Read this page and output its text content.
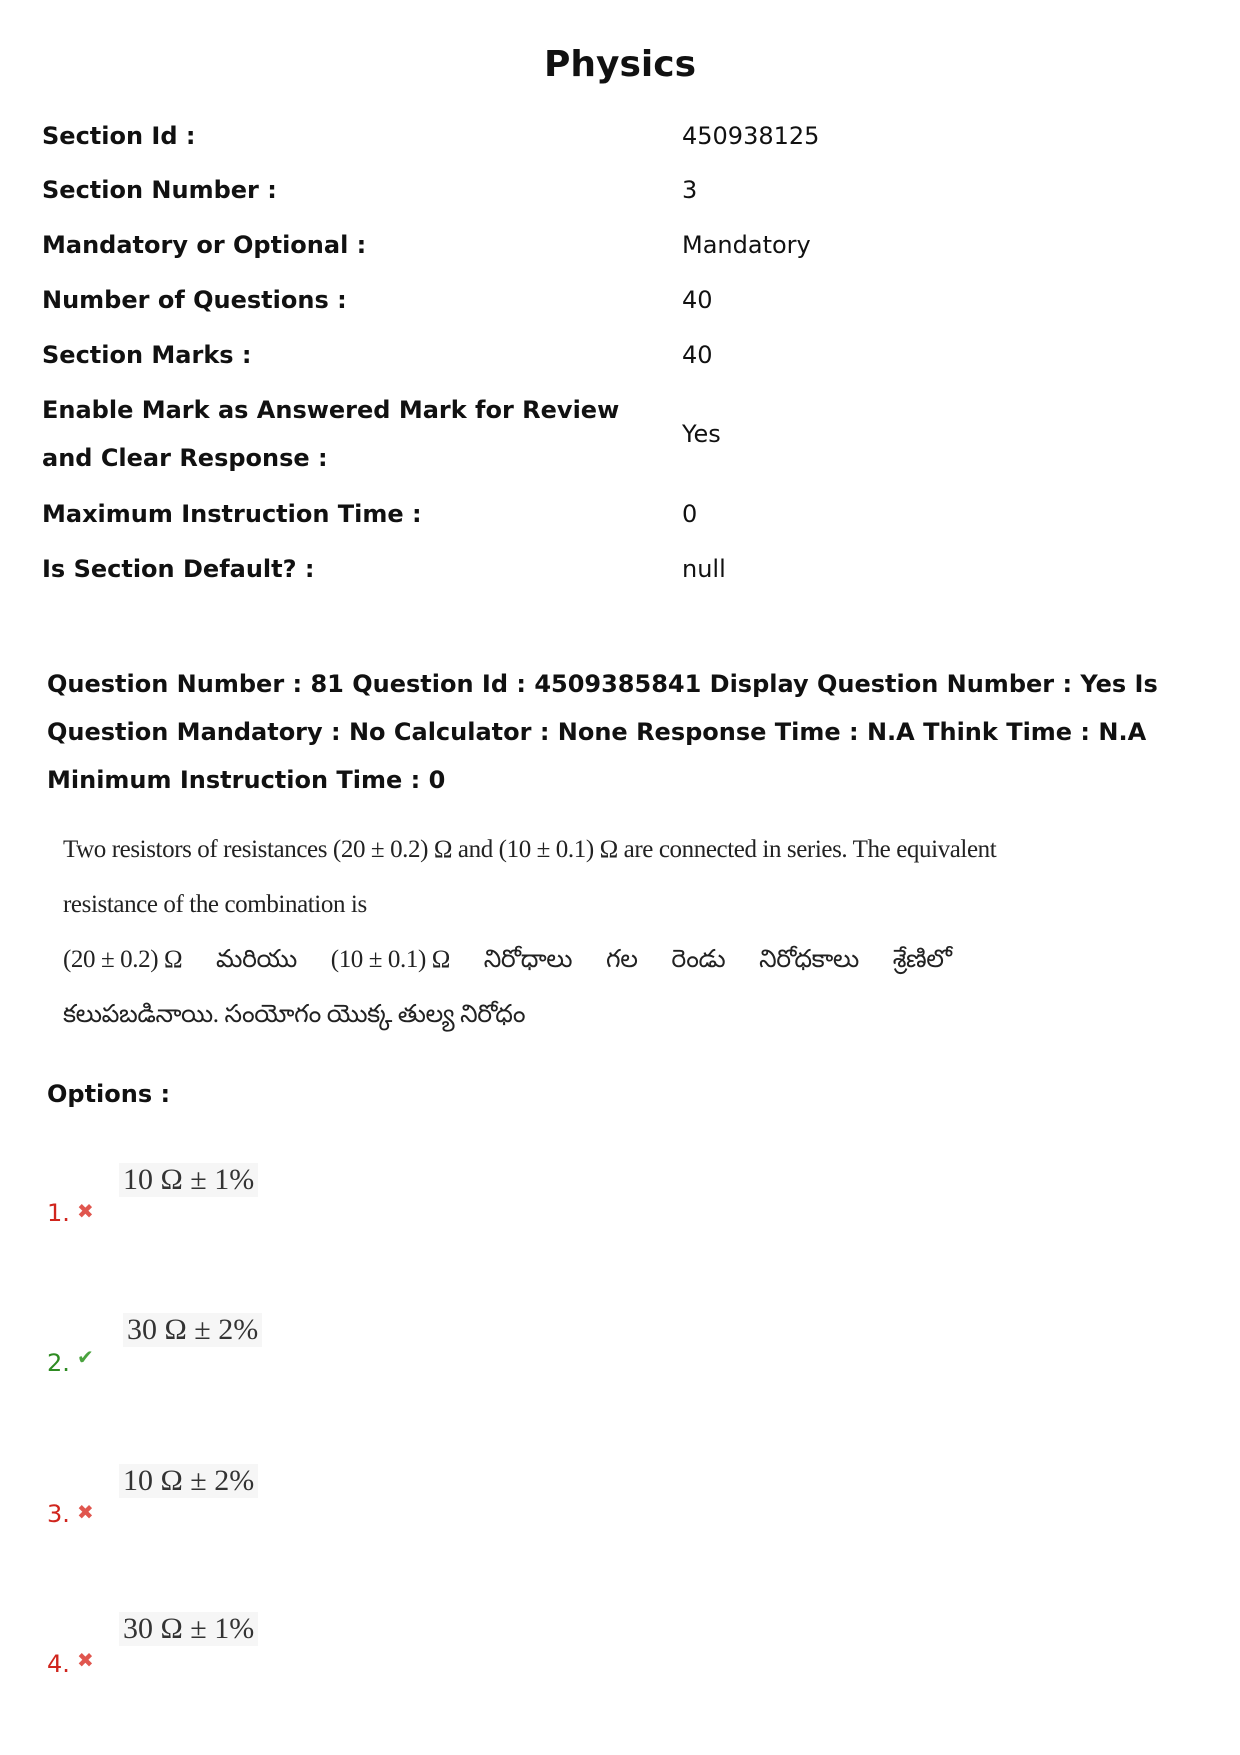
Physics
Section Id :	450938125
Section Number :	3
Mandatory or Optional :	Mandatory
Number of Questions :	40
Section Marks :	40
Enable Mark as Answered Mark for Review and Clear Response :
Yes
Maximum Instruction Time :	0
Is Section Default? :	null
Question Number : 81 Question Id : 4509385841 Display Question Number : Yes Is Question Mandatory : No Calculator : None Response Time : N.A Think Time : N.A Minimum Instruction Time : 0
Two resistors of resistances (20 ± 0.2) Ω and (10 ± 0.1) Ω are connected in series. The equivalent
resistance of the combination is
(20 ± 0.2) Ω మరియు (10 ± 0.1) Ω నిరోధాలు గల రెండు నిరోధకాలు శ్రేణిలో
కలుపబడినాయి. సంయోగం యొక్క తుల్య నిరోధం
Options :
1. ✖
10 Ω ± 1%
2. ✔
30 Ω ± 2%
3. ✖
10 Ω ± 2%
4. ✖
30 Ω ± 1%
